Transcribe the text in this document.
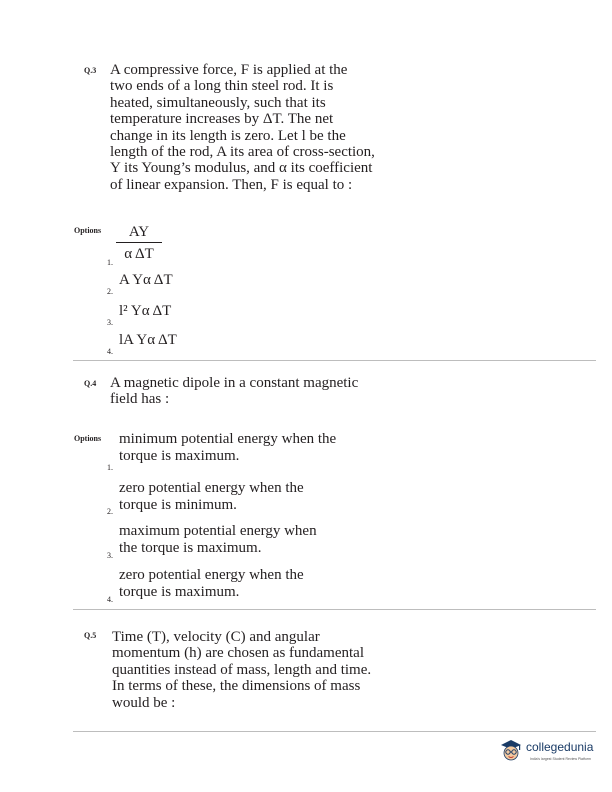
Q.3 A compressive force, F is applied at the
two ends of a long thin steel rod. It is
heated, simultaneously, such that its
temperature increases by ΔT. The net
change in its length is zero. Let l be the
length of the rod, A its area of cross-section,
Y its Young’s modulus, and α its coefficient
of linear expansion. Then, F is equal to :
Options	AY
α ΔT
1.
A Yα ΔT
2.
l² Yα ΔT
3.
lA Yα ΔT
4.
Q.4 A magnetic dipole in a constant magnetic
field has :
Options minimum potential energy when the
torque is maximum.
1.
zero potential energy when the
torque is minimum.
2.
maximum potential energy when
the torque is maximum.
3.
zero potential energy when the
torque is maximum.
4.
Q.5 Time (T), velocity (C) and angular
momentum (h) are chosen as fundamental
quantities instead of mass, length and time.
In terms of these, the dimensions of mass
would be :
collegedunia
India's largest Student Review Platform
